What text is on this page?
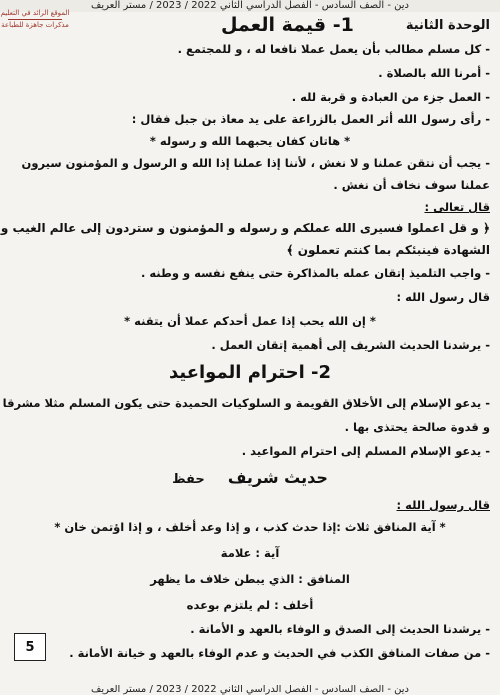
دين - الصف السادس - الفصل الدراسي الثاني 2022 / 2023 / مستر العريف
الموقع الرائد في التعليم
مذكرات جاهزة للطباعة	الوحدة الثانية
1- قيمة العمل
- كل مسلم مطالب بأن يعمل عملا نافعا له ، و للمجتمع .
- أمرنا الله بالصلاة .
- العمل جزء من العبادة و قربة لله .
- رأى رسول الله أثر العمل بالزراعة على يد معاذ بن جبل فقال :
* هاتان كفان يحبهما الله و رسوله *
- يجب أن نتقن عملنا و لا نغش ، لأننا إذا عملنا إذا الله و الرسول و المؤمنون سيرون
عملنا سوف نخاف أن نغش .
قال تعالى :
﴿ و قل اعملوا فسيرى الله عملكم و رسوله و المؤمنون و ستردون إلى عالم الغيب و
الشهادة فينبئكم بما كنتم تعملون ﴾
- واجب التلميذ إتقان عمله بالمذاكرة حتى ينفع نفسه و وطنه .
قال رسول الله :
* إن الله يحب إذا عمل أحدكم عملا أن يتقنه *
- يرشدنا الحديث الشريف إلى أهمية إتقان العمل .
2- احترام المواعيد
- يدعو الإسلام إلى الأخلاق القويمة و السلوكيات الحميدة حتى يكون المسلم مثلا مشرقا
و قدوة صالحة يحتذى بها .
- يدعو الإسلام المسلم إلى احترام المواعيد .
حديث شريف حفظ
قال رسول الله :
* آية المنافق ثلاث :إذا حدث كذب ، و إذا وعد أخلف ، و إذا اؤتمن خان *
آية : علامة
المنافق : الذي يبطن خلاف ما يظهر
أخلف : لم يلتزم بوعده
- يرشدنا الحديث إلى الصدق و الوفاء بالعهد و الأمانة .
- من صفات المنافق الكذب في الحديث و عدم الوفاء بالعهد و خيانة الأمانة .
5
دين - الصف السادس - الفصل الدراسي الثاني 2022 / 2023 / مستر العريف
